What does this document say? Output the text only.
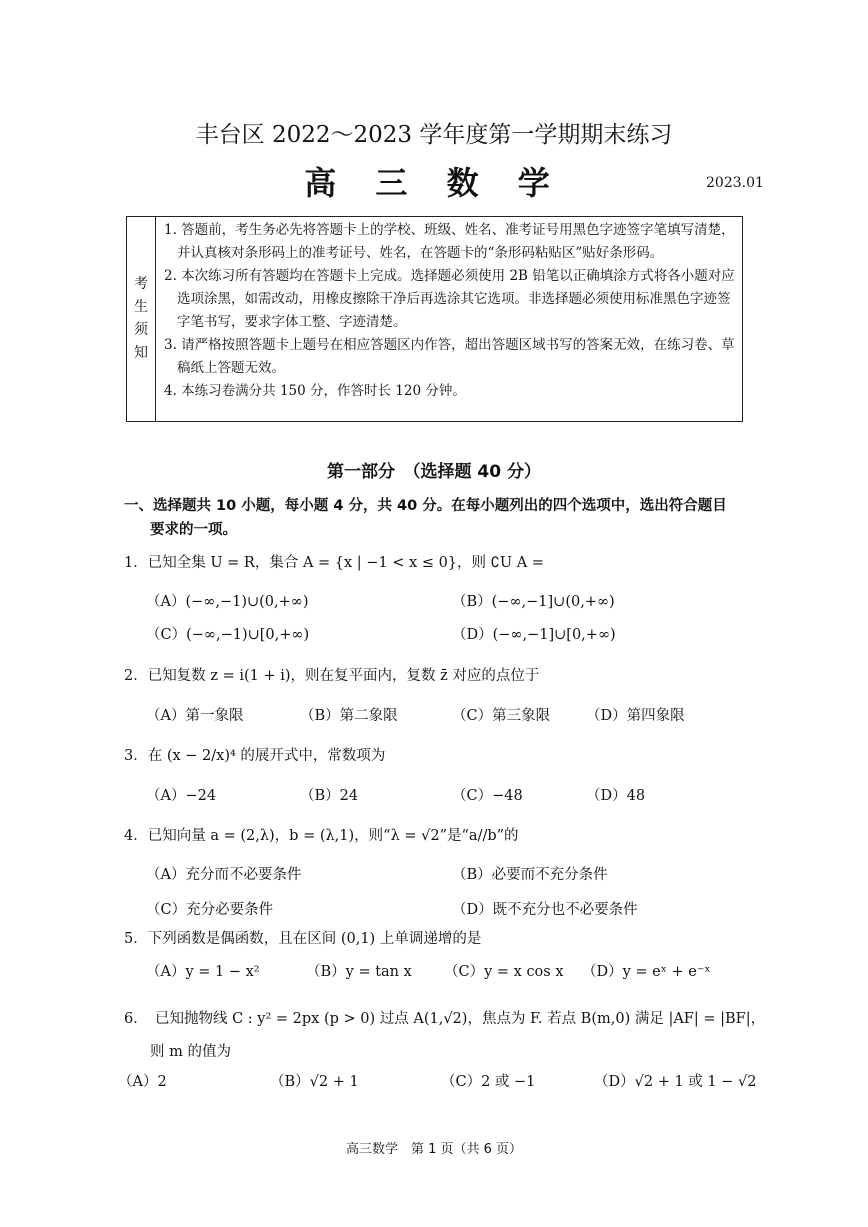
丰台区 2022～2023 学年度第一学期期末练习
高 三 数 学	2023.01
考
生
须
知
1. 答题前，考生务必先将答题卡上的学校、班级、姓名、准考证号用黑色字迹签字笔填写清楚，并认真核对条形码上的准考证号、姓名，在答题卡的“条形码粘贴区”贴好条形码。
2. 本次练习所有答题均在答题卡上完成。选择题必须使用 2B 铅笔以正确填涂方式将各小题对应选项涂黑，如需改动，用橡皮擦除干净后再选涂其它选项。非选择题必须使用标准黑色字迹签字笔书写，要求字体工整、字迹清楚。
3. 请严格按照答题卡上题号在相应答题区内作答，超出答题区域书写的答案无效，在练习卷、草稿纸上答题无效。
4. 本练习卷满分共 150 分，作答时长 120 分钟。
第一部分　（选择题 40 分）
一、选择题共 10 小题，每小题 4 分，共 40 分。在每小题列出的四个选项中，选出符合题目
要求的一项。
1．已知全集 U = R，集合 A = {x | −1 < x ≤ 0}，则 ∁U A =
（A）(−∞,−1)∪(0,+∞)	（B）(−∞,−1]∪(0,+∞)
（C）(−∞,−1)∪[0,+∞)	（D）(−∞,−1]∪[0,+∞)
2．已知复数 z = i(1 + i)，则在复平面内，复数 z̄ 对应的点位于
（A）第一象限	（B）第二象限	（C）第三象限 （D）第四象限
3．在 (x − 2/x)⁴ 的展开式中，常数项为
（A）−24	（B）24	（C）−48	（D）48
4．已知向量 a = (2,λ)，b = (λ,1)，则“λ = √2”是“a//b”的
（A）充分而不必要条件	（B）必要而不充分条件
（C）充分必要条件	（D）既不充分也不必要条件
5．下列函数是偶函数，且在区间 (0,1) 上单调递增的是
（A）y = 1 − x²	（B）y = tan x （C）y = x cos x （D）y = eˣ + e⁻ˣ
6．　已知抛物线 C : y² = 2px (p > 0) 过点 A(1,√2)，焦点为 F. 若点 B(m,0) 满足 |AF| = |BF|，
则 m 的值为
（A）2	（B）√2 + 1	（C）2 或 −1	（D）√2 + 1 或 1 − √2
高三数学　第 1 页（共 6 页）
